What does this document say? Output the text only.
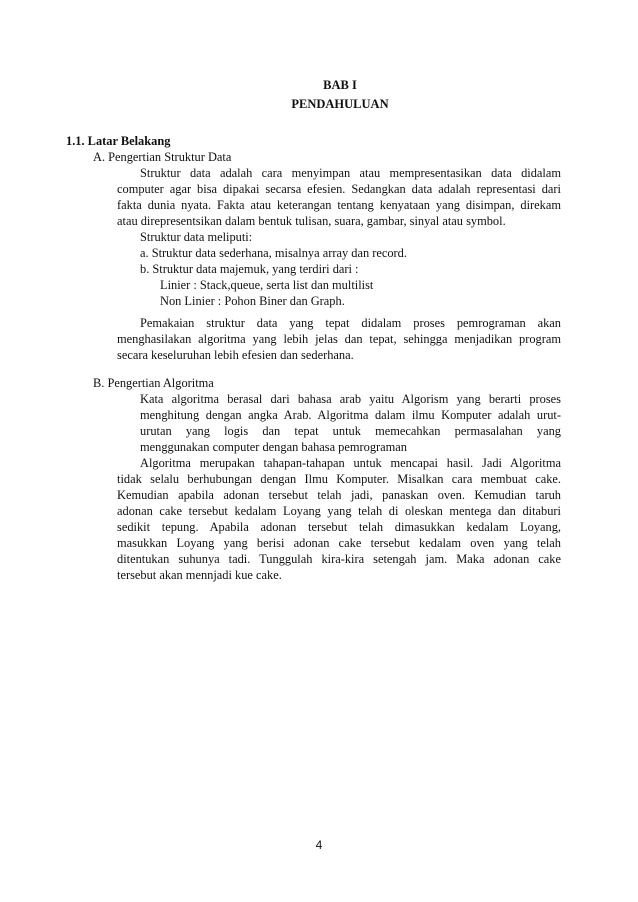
BAB I
PENDAHULUAN
1.1. Latar Belakang
A. Pengertian Struktur Data
Struktur data adalah cara menyimpan atau mempresentasikan data didalam
computer agar bisa dipakai secarsa efesien. Sedangkan data adalah representasi dari
fakta dunia nyata. Fakta atau keterangan tentang kenyataan yang disimpan, direkam
atau direpresentsikan dalam bentuk tulisan, suara, gambar, sinyal atau symbol.
Struktur data meliputi:
a. Struktur data sederhana, misalnya array dan record.
b. Struktur data majemuk, yang terdiri dari :
Linier : Stack,queue, serta list dan multilist
Non Linier : Pohon Biner dan Graph.
Pemakaian struktur data yang tepat didalam proses pemrograman akan
menghasilakan algoritma yang lebih jelas dan tepat, sehingga menjadikan program
secara keseluruhan lebih efesien dan sederhana.
B. Pengertian Algoritma
Kata algoritma berasal dari bahasa arab yaitu Algorism yang berarti proses
menghitung dengan angka Arab. Algoritma dalam ilmu Komputer adalah urut-
urutan yang logis dan tepat untuk memecahkan permasalahan yang
menggunakan computer dengan bahasa pemrograman
Algoritma merupakan tahapan-tahapan untuk mencapai hasil. Jadi Algoritma
tidak selalu berhubungan dengan Ilmu Komputer. Misalkan cara membuat cake.
Kemudian apabila adonan tersebut telah jadi, panaskan oven. Kemudian taruh
adonan cake tersebut kedalam Loyang yang telah di oleskan mentega dan ditaburi
sedikit tepung. Apabila adonan tersebut telah dimasukkan kedalam Loyang,
masukkan Loyang yang berisi adonan cake tersebut kedalam oven yang telah
ditentukan suhunya tadi. Tunggulah kira-kira setengah jam. Maka adonan cake
tersebut akan mennjadi kue cake.
4
